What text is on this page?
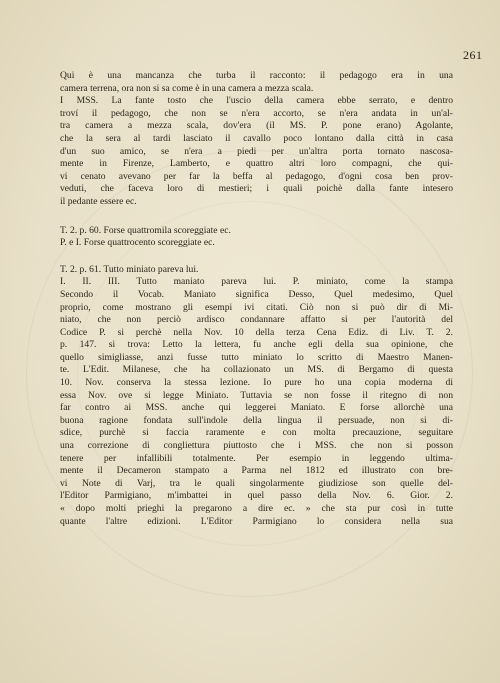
261
Qui è una mancanza che turba il racconto: il pedagogo era in una
camera terrena, ora non si sa come è in una camera a mezza scala.
I MSS. La fante tosto che l'uscio della camera ebbe serrato, e dentro
troví il pedagogo, che non se n'era accorto, se n'era andata in un'al-
tra camera a mezza scala, dov'era (il MS. P. pone erano) Agolante,
che la sera al tardi lasciato il cavallo poco lontano dalla città in casa
d'un suo amico, se n'era a piedi per un'altra porta tornato nascosa-
mente in Firenze, Lamberto, e quattro altri loro compagni, che qui-
vi cenato avevano per far la beffa al pedagogo, d'ogni cosa ben prov-
veduti, che faceva loro di mestieri; i quali poichè dalla fante intesero
il pedante essere ec.
T. 2. p. 60. Forse quattromila scoreggiate ec.
P. e I. Forse quattrocento scoreggiate ec.
T. 2. p. 61. Tutto miniato pareva lui.
I. II. III. Tutto maniato pareva lui. P. miniato, come la stampa
Secondo il Vocab. Maniato significa Desso, Quel medesimo, Quel
proprio, come mostrano gli esempi ivi citati. Ciò non si può dir di Mi-
niato, che non perciò ardisco condannare affatto si per l'autorità del
Codice P. si perchè nella Nov. 10 della terza Cena Ediz. di Liv. T. 2.
p. 147. si trova: Letto la lettera, fu anche egli della sua opinione, che
quello simigliasse, anzi fusse tutto miniato lo scritto di Maestro Manen-
te. L'Edit. Milanese, che ha collazionato un MS. di Bergamo di questa
10. Nov. conserva la stessa lezione. Io pure ho una copia moderna di
essa Nov. ove si legge Miniato. Tuttavia se non fosse il ritegno di non
far contro ai MSS. anche qui leggerei Maniato. E forse allorchè una
buona ragione fondata sull'indole della lingua il persuade, non si di-
sdice, purchè si faccia raramente e con molta precauzione, seguitare
una correzione di congliettura piuttosto che i MSS. che non si posson
tenere per infallibili totalmente. Per esempio in leggendo ultima-
mente il Decameron stampato a Parma nel 1812 ed illustrato con bre-
vi Note di Varj, tra le quali singolarmente giudiziose son quelle del-
l'Editor Parmigiano, m'imbattei in quel passo della Nov. 6. Gior. 2.
« dopo molti prieghi la pregarono a dire ec. » che sta pur così in tutte
quante l'altre edizioni. L'Editor Parmigiano lo considera nella sua
